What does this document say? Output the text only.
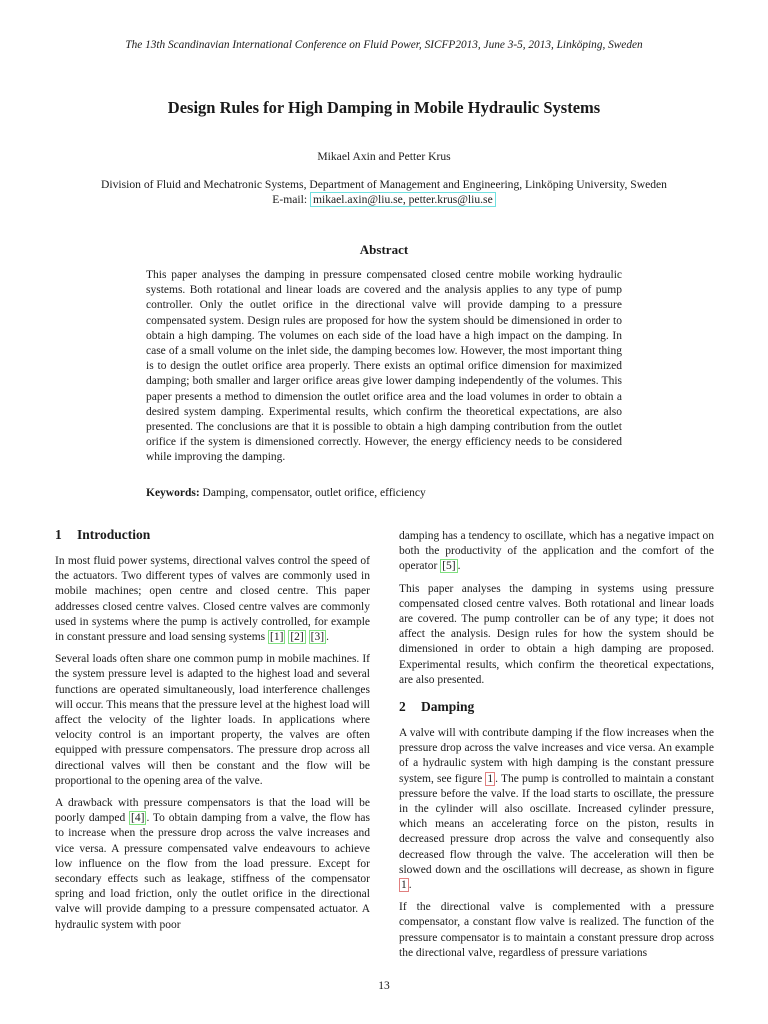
The 13th Scandinavian International Conference on Fluid Power, SICFP2013, June 3-5, 2013, Linköping, Sweden
Design Rules for High Damping in Mobile Hydraulic Systems
Mikael Axin and Petter Krus
Division of Fluid and Mechatronic Systems, Department of Management and Engineering, Linköping University, Sweden
E-mail: mikael.axin@liu.se, petter.krus@liu.se
Abstract
This paper analyses the damping in pressure compensated closed centre mobile working hydraulic systems. Both rotational and linear loads are covered and the analysis applies to any type of pump controller. Only the outlet orifice in the directional valve will provide damping to a pressure compensated system. Design rules are proposed for how the system should be dimensioned in order to obtain a high damping. The volumes on each side of the load have a high impact on the damping. In case of a small volume on the inlet side, the damping becomes low. However, the most important thing is to design the outlet orifice area properly. There exists an optimal orifice dimension for maximized damping; both smaller and larger orifice areas give lower damping independently of the volumes. This paper presents a method to dimension the outlet orifice area and the load volumes in order to obtain a desired system damping. Experimental results, which confirm the theoretical expectations, are also presented. The conclusions are that it is possible to obtain a high damping contribution from the outlet orifice if the system is dimensioned correctly. However, the energy efficiency needs to be considered while improving the damping.
Keywords: Damping, compensator, outlet orifice, efficiency
1 Introduction

In most fluid power systems, directional valves control the speed of the actuators. Two different types of valves are commonly used in mobile machines; open centre and closed centre. This paper addresses closed centre valves. Closed centre valves are commonly used in systems where the pump is actively controlled, for example in constant pressure and load sensing systems [1] [2] [3] .

Several loads often share one common pump in mobile machines. If the system pressure level is adapted to the highest load and several functions are operated simultaneously, load interference challenges will occur. This means that the pressure level at the highest load will affect the velocity of the lighter loads. In applications where velocity control is an important property, the valves are often equipped with pressure compensators. The pressure drop across all directional valves will then be constant and the flow will be proportional to the opening area of the valve.

A drawback with pressure compensators is that the load will be poorly damped [4] . To obtain damping from a valve, the flow has to increase when the pressure drop across the valve increases and vice versa. A pressure compensated valve endeavours to achieve low influence on the flow from the load pressure. Except for secondary effects such as leakage, stiffness of the compensator spring and load friction, only the outlet orifice in the directional valve will provide damping to a pressure compensated actuator. A hydraulic system with poor

damping has a tendency to oscillate, which has a negative impact on both the productivity of the application and the comfort of the operator [5] .

This paper analyses the damping in systems using pressure compensated closed centre valves. Both rotational and linear loads are covered. The pump controller can be of any type; it does not affect the analysis. Design rules for how the system should be dimensioned in order to obtain a high damping are proposed. Experimental results, which confirm the theoretical expectations, are also presented.

2 Damping

A valve will with contribute damping if the flow increases when the pressure drop across the valve increases and vice versa. An example of a hydraulic system with high damping is the constant pressure system, see figure 1 . The pump is controlled to maintain a constant pressure before the valve. If the load starts to oscillate, the pressure in the cylinder will also oscillate. Increased cylinder pressure, which means an accelerating force on the piston, results in decreased pressure drop across the valve and consequently also decreased flow through the valve. The acceleration will then be slowed down and the oscillations will decrease, as shown in figure 1 .

If the directional valve is complemented with a pressure compensator, a constant flow valve is realized. The function of the pressure compensator is to maintain a constant pressure drop across the directional valve, regardless of pressure variations

13
